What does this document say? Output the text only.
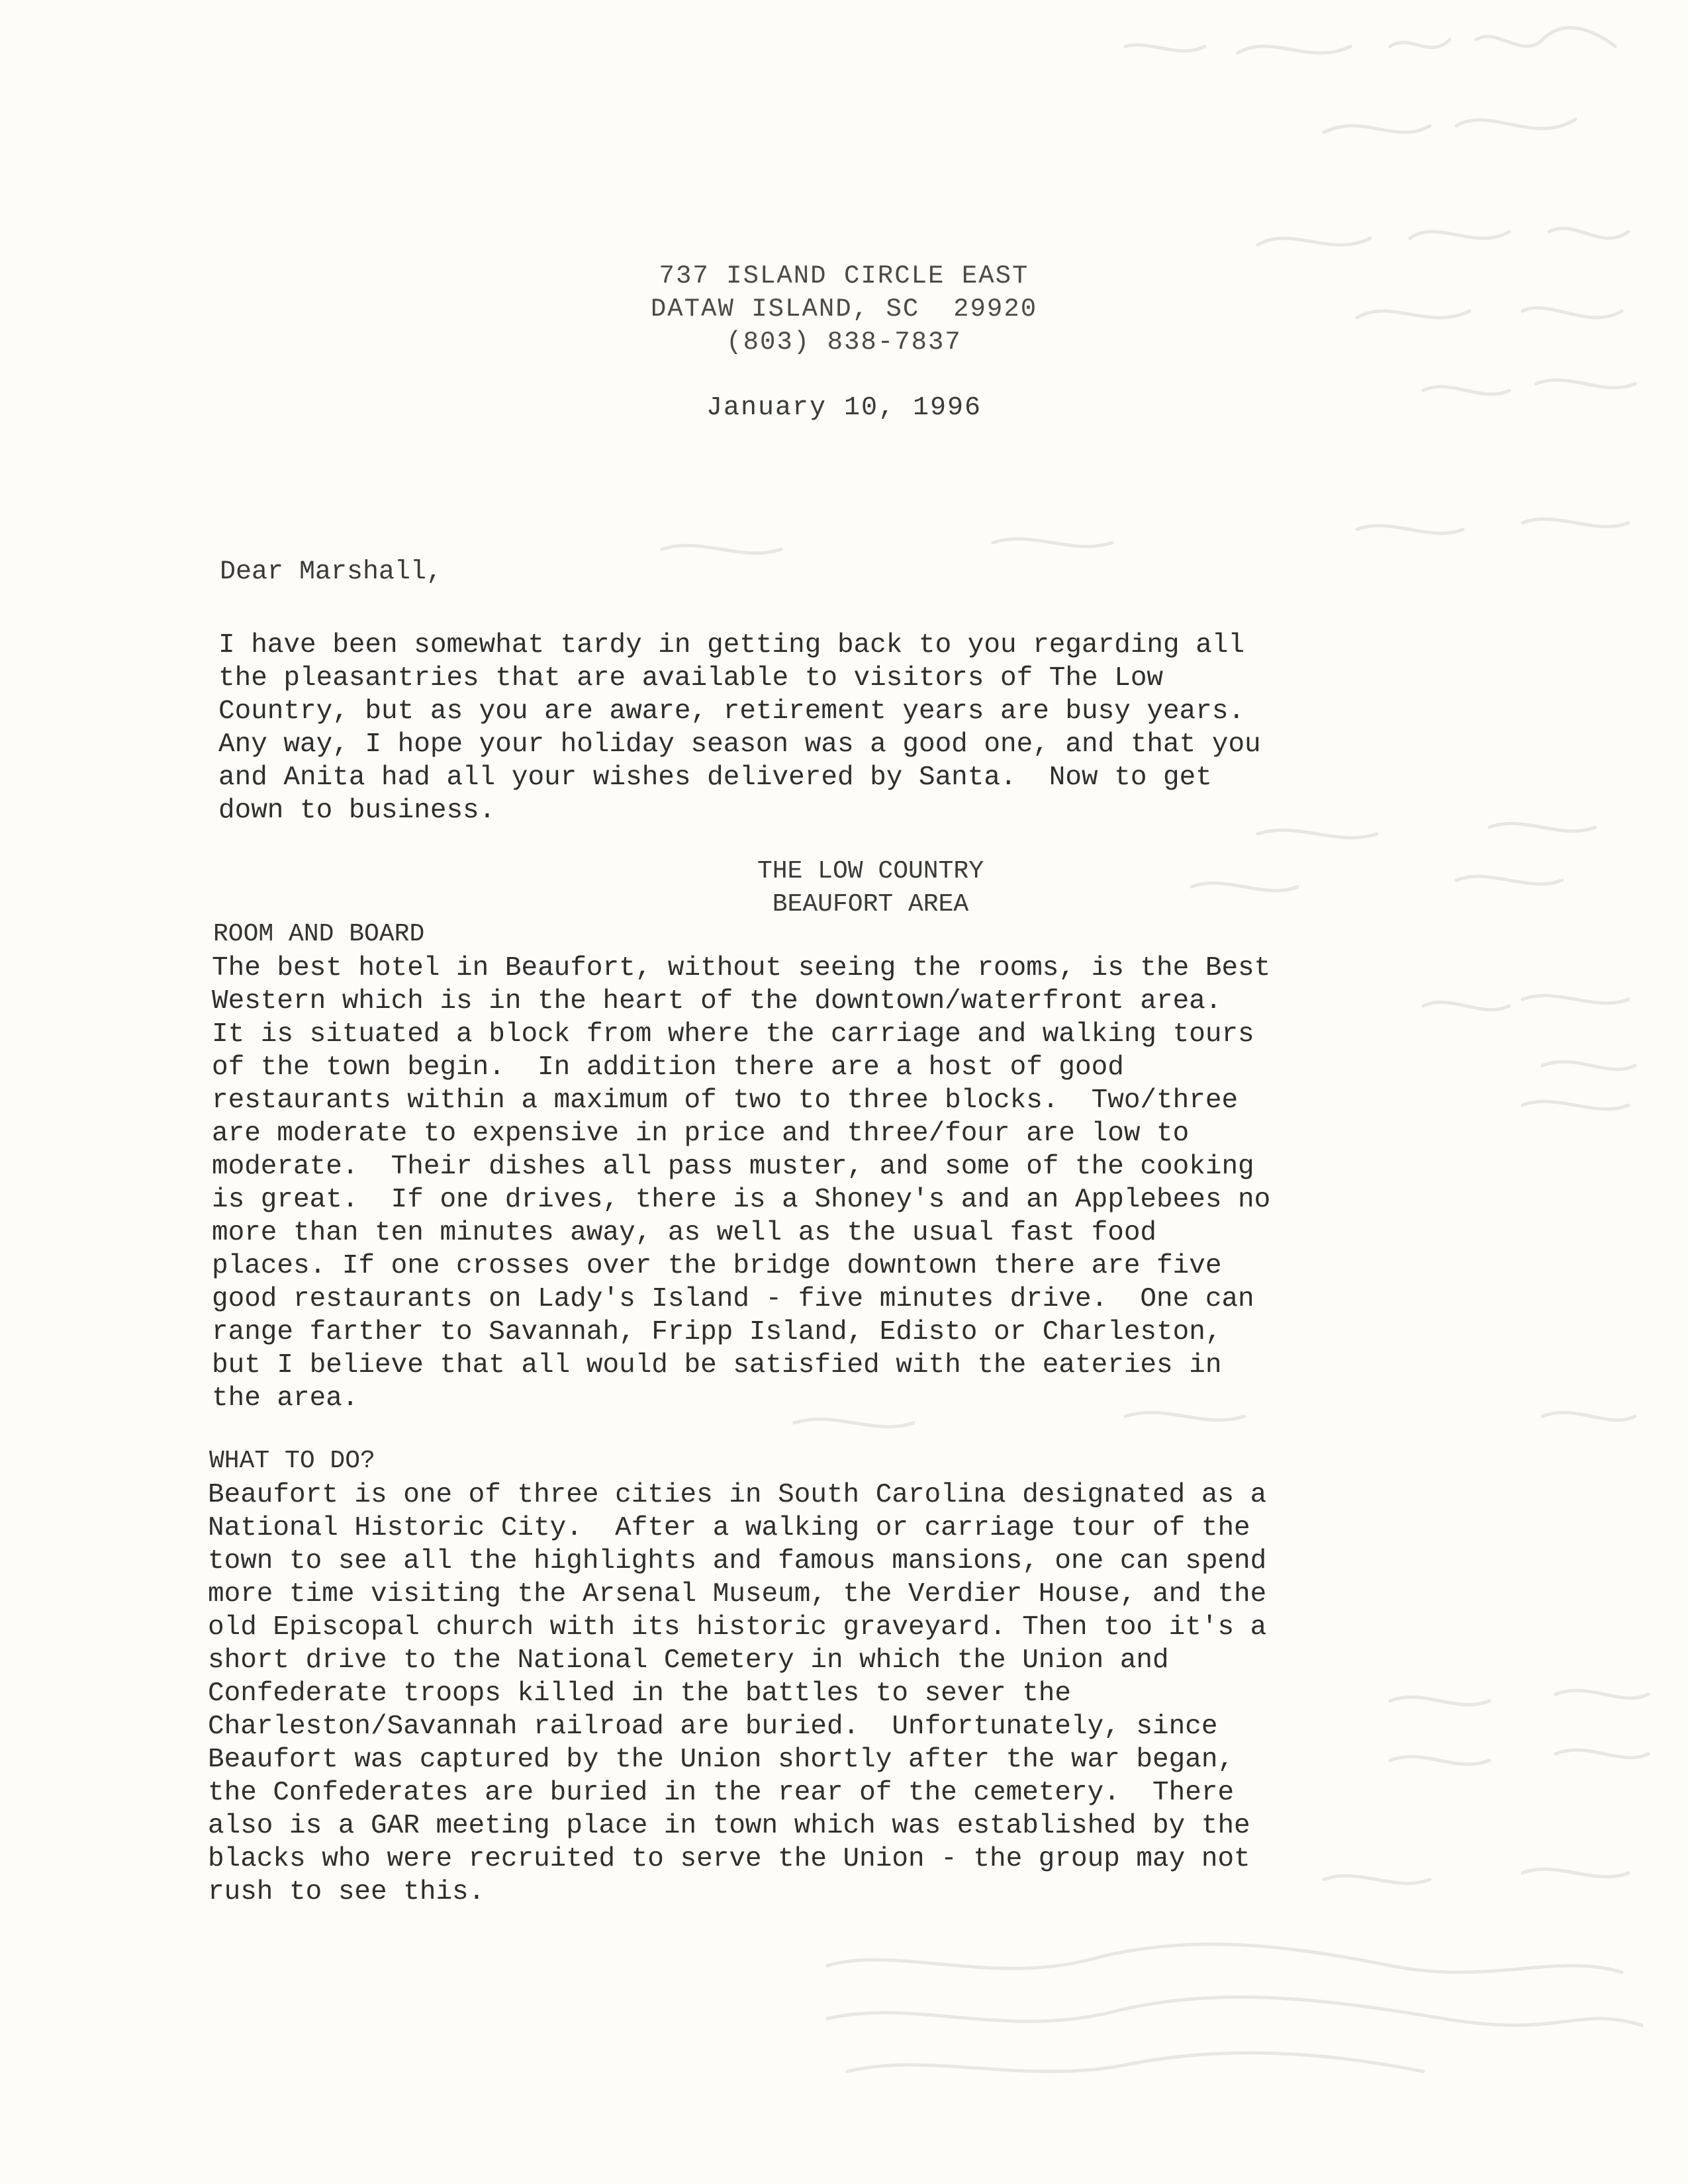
737 ISLAND CIRCLE EAST
DATAW ISLAND, SC  29920
(803) 838-7837
January 10, 1996
Dear Marshall,
I have been somewhat tardy in getting back to you regarding all
the pleasantries that are available to visitors of The Low
Country, but as you are aware, retirement years are busy years.
Any way, I hope your holiday season was a good one, and that you
and Anita had all your wishes delivered by Santa.  Now to get
down to business.
THE LOW COUNTRY
BEAUFORT AREA
ROOM AND BOARD
The best hotel in Beaufort, without seeing the rooms, is the Best
Western which is in the heart of the downtown/waterfront area.
It is situated a block from where the carriage and walking tours
of the town begin.  In addition there are a host of good
restaurants within a maximum of two to three blocks.  Two/three
are moderate to expensive in price and three/four are low to
moderate.  Their dishes all pass muster, and some of the cooking
is great.  If one drives, there is a Shoney's and an Applebees no
more than ten minutes away, as well as the usual fast food
places. If one crosses over the bridge downtown there are five
good restaurants on Lady's Island - five minutes drive.  One can
range farther to Savannah, Fripp Island, Edisto or Charleston,
but I believe that all would be satisfied with the eateries in
the area.
WHAT TO DO?
Beaufort is one of three cities in South Carolina designated as a
National Historic City.  After a walking or carriage tour of the
town to see all the highlights and famous mansions, one can spend
more time visiting the Arsenal Museum, the Verdier House, and the
old Episcopal church with its historic graveyard. Then too it's a
short drive to the National Cemetery in which the Union and
Confederate troops killed in the battles to sever the
Charleston/Savannah railroad are buried.  Unfortunately, since
Beaufort was captured by the Union shortly after the war began,
the Confederates are buried in the rear of the cemetery.  There
also is a GAR meeting place in town which was established by the
blacks who were recruited to serve the Union - the group may not
rush to see this.
